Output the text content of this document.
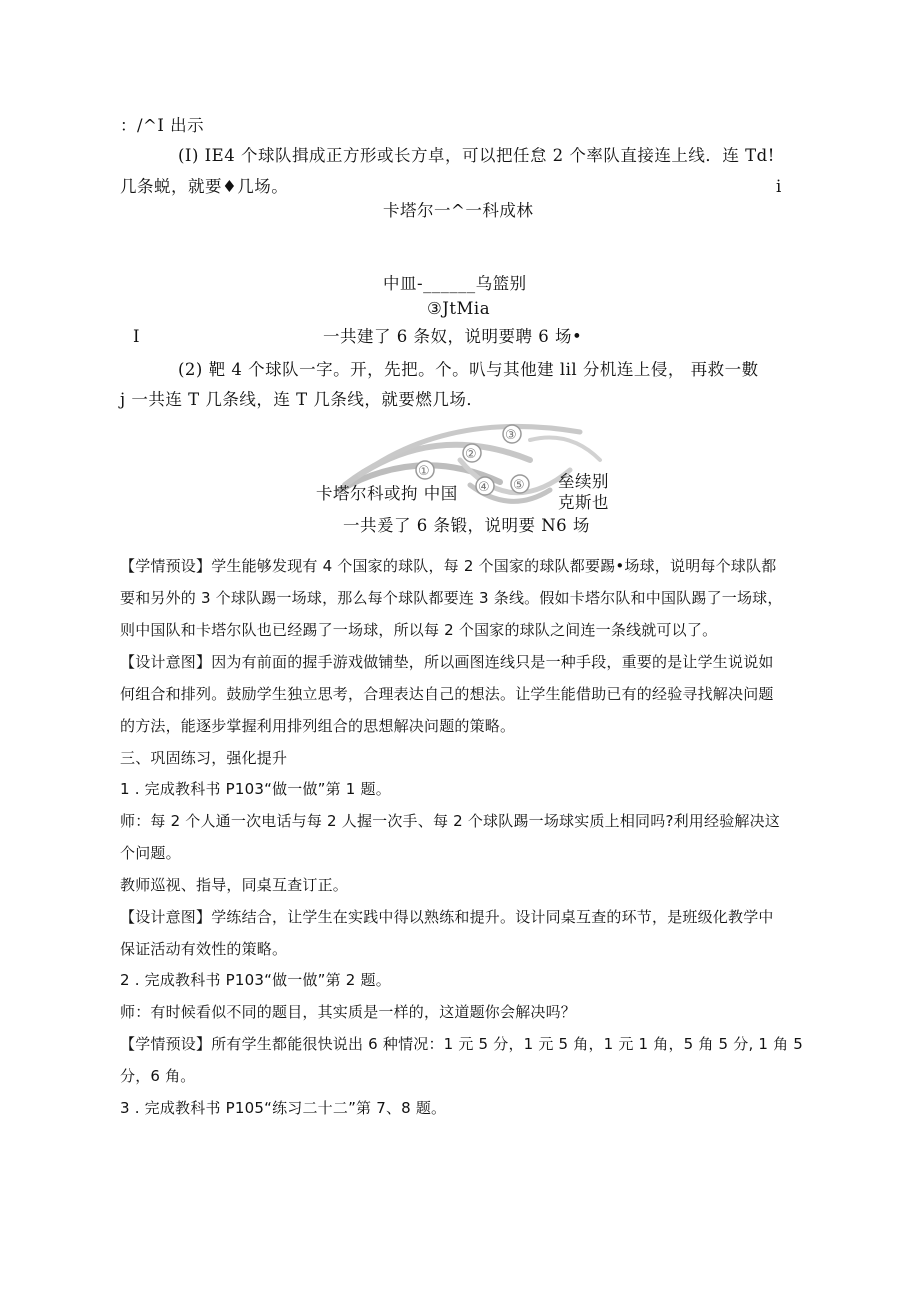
：/^I 出示
(I) IE4 个球队揖成正方形或长方卓，可以把任怠 2 个率队直接连上线．连 Td!
几条蜕，就要♦几场。	i
卡塔尔一^一科成林
中皿-______乌篮别
③JtMia
I	一共建了 6 条奴，说明要聘 6 场•
(2) 靶 4 个球队一字。开，先把。个。叭与其他建 lil 分机连上侵， 再救一數
j 一共连 T 几条线，连 T 几条线，就要燃几场．
①
②
③
④ ⑤
卡塔尔科或拘 中国
垒续别
克斯也
一共爰了 6 条锻，说明要 N6 场
【学情预设】学生能够发现有 4 个国家的球队，每 2 个国家的球队都要踢•场球，说明每个球队都
要和另外的 3 个球队踢一场球，那么每个球队都要连 3 条线。假如卡塔尔队和中国队踢了一场球，
则中国队和卡塔尔队也已经踢了一场球，所以每 2 个国家的球队之间连一条线就可以了。
【设计意图】因为有前面的握手游戏做铺垫，所以画图连线只是一种手段，重要的是让学生说说如
何组合和排列。鼓励学生独立思考，合理表达自己的想法。让学生能借助已有的经验寻找解决问题
的方法，能逐步掌握利用排列组合的思想解决问题的策略。
三、巩固练习，强化提升
1 . 完成教科书 P103“做一做”第 1 题。
师：每 2 个人通一次电话与每 2 人握一次手、每 2 个球队踢一场球实质上相同吗?利用经验解决这
个问题。
教师巡视、指导，同桌互查订正。
【设计意图】学练结合，让学生在实践中得以熟练和提升。设计同桌互查的环节，是班级化教学中
保证活动有效性的策略。
2 . 完成教科书 P103“做一做”第 2 题。
师：有时候看似不同的题目，其实质是一样的，这道题你会解决吗？
【学情预设】所有学生都能很快说出 6 种情况：1 元 5 分，1 元 5 角，1 元 1 角，5 角 5 分, 1 角 5
分，6 角。
3 . 完成教科书 P105“练习二十二”第 7、8 题。
